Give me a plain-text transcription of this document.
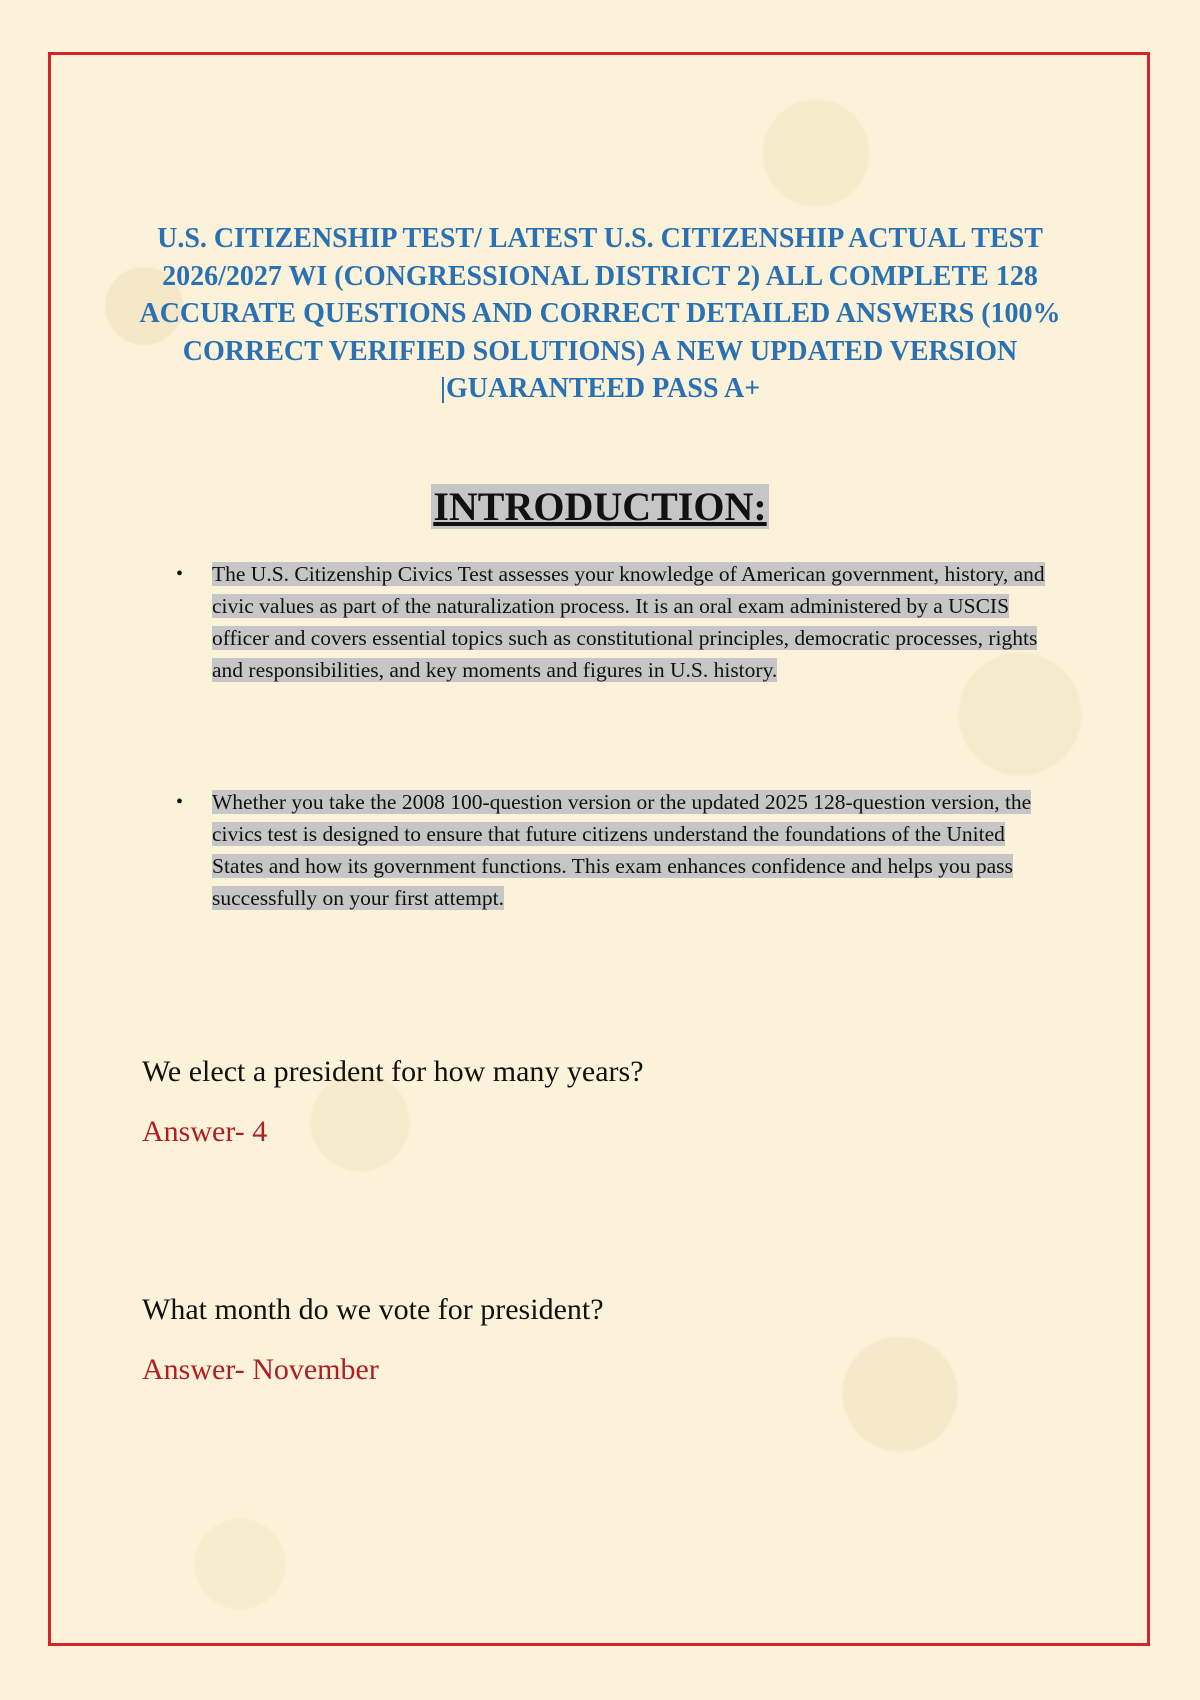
U.S. CITIZENSHIP TEST/ LATEST U.S. CITIZENSHIP ACTUAL TEST 2026/2027 WI (CONGRESSIONAL DISTRICT 2) ALL COMPLETE 128 ACCURATE QUESTIONS AND CORRECT DETAILED ANSWERS (100% CORRECT VERIFIED SOLUTIONS) A NEW UPDATED VERSION |GUARANTEED PASS A+
INTRODUCTION:
•	The U.S. Citizenship Civics Test assesses your knowledge of American government, history, and civic values as part of the naturalization process. It is an oral exam administered by a USCIS officer and covers essential topics such as constitutional principles, democratic processes, rights and responsibilities, and key moments and figures in U.S. history.
•	Whether you take the 2008 100-question version or the updated 2025 128-question version, the civics test is designed to ensure that future citizens understand the foundations of the United States and how its government functions. This exam enhances confidence and helps you pass successfully on your first attempt.

We elect a president for how many years?

Answer- 4

What month do we vote for president?

Answer- November
